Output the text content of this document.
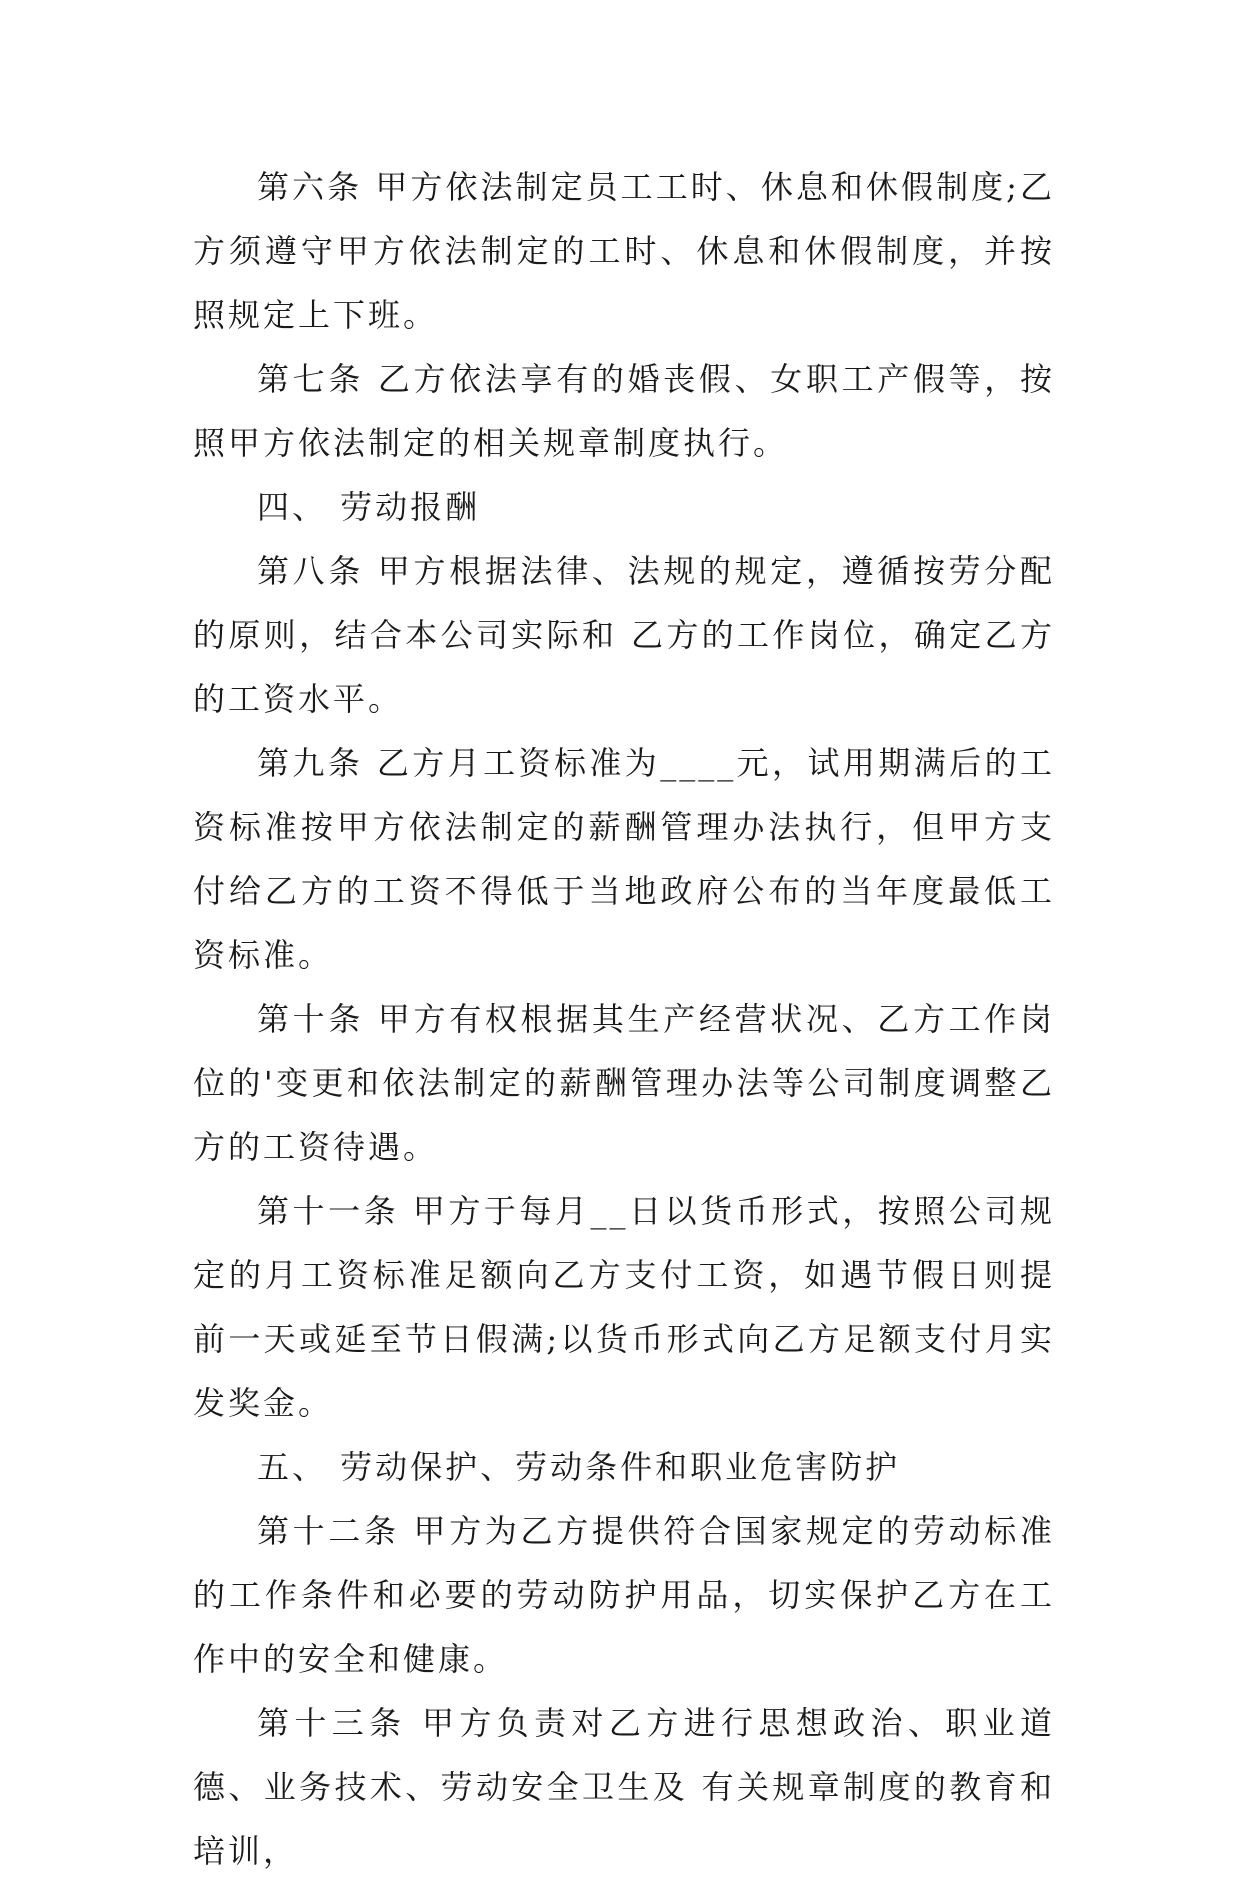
第六条 甲方依法制定员工工时、休息和休假制度;乙方须遵守甲方依法制定的工时、休息和休假制度，并按照规定上下班。

第七条 乙方依法享有的婚丧假、女职工产假等，按照甲方依法制定的相关规章制度执行。

四、 劳动报酬

第八条 甲方根据法律、法规的规定，遵循按劳分配的原则，结合本公司实际和 乙方的工作岗位，确定乙方的工资水平。

第九条 乙方月工资标准为____元，试用期满后的工资标准按甲方依法制定的薪酬管理办法执行，但甲方支付给乙方的工资不得低于当地政府公布的当年度最低工资标准。

第十条 甲方有权根据其生产经营状况、乙方工作岗位的'变更和依法制定的薪酬管理办法等公司制度调整乙方的工资待遇。

第十一条 甲方于每月__日以货币形式，按照公司规定的月工资标准足额向乙方支付工资，如遇节假日则提前一天或延至节日假满;以货币形式向乙方足额支付月实发奖金。

五、 劳动保护、劳动条件和职业危害防护

第十二条 甲方为乙方提供符合国家规定的劳动标准的工作条件和必要的劳动防护用品，切实保护乙方在工作中的安全和健康。

第十三条 甲方负责对乙方进行思想政治、职业道德、业务技术、劳动安全卫生及 有关规章制度的教育和培训，
